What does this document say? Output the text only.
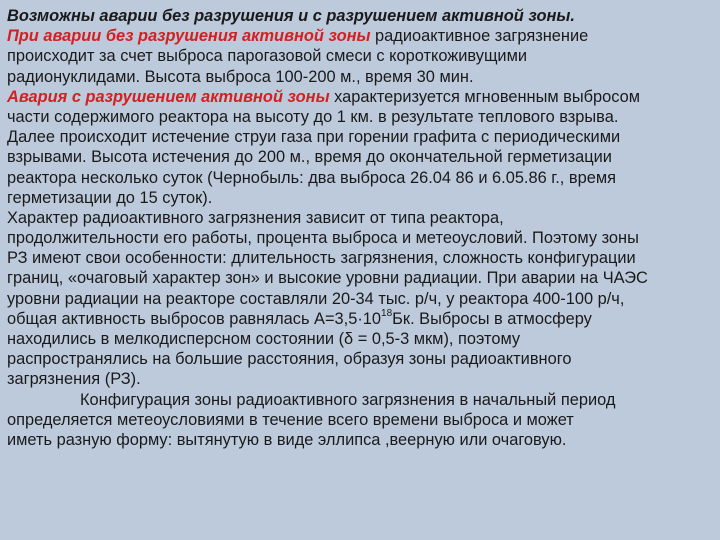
Возможны аварии без разрушения и с разрушением активной зоны.
При аварии без разрушения активной зоны радиоактивное загрязнение
происходит за счет выброса парогазовой смеси с короткоживущими
радионуклидами. Высота выброса 100-200 м., время 30 мин.
Авария с разрушением активной зоны характеризуется мгновенным выбросом
части содержимого реактора на высоту до 1 км. в результате теплового взрыва.
Далее происходит истечение струи газа при горении графита с периодическими
взрывами. Высота истечения до 200 м., время до окончательной герметизации
реактора несколько суток (Чернобыль: два выброса 26.04 86 и 6.05.86 г., время
герметизации до 15 суток).
Характер радиоактивного загрязнения зависит от типа реактора,
продолжительности его работы, процента выброса и метеоусловий. Поэтому зоны
РЗ имеют свои особенности: длительность загрязнения, сложность конфигурации
границ, «очаговый характер зон» и высокие уровни радиации. При аварии на ЧАЭС
уровни радиации на реакторе составляли 20-34 тыс. р/ч, у реактора 400-100 р/ч,
общая активность выбросов равнялась $А=3,5\cdot 10^{18}Бк$. Выбросы в атмосферу
находились в мелкодисперсном состоянии (δ = 0,5-3 мкм), поэтому
распространялись на большие расстояния, образуя зоны радиоактивного
загрязнения (РЗ).
Конфигурация зоны радиоактивного загрязнения в начальный период
определяется метеоусловиями в течение всего времени выброса и может
иметь разную форму: вытянутую в виде эллипса ,веерную или очаговую.
